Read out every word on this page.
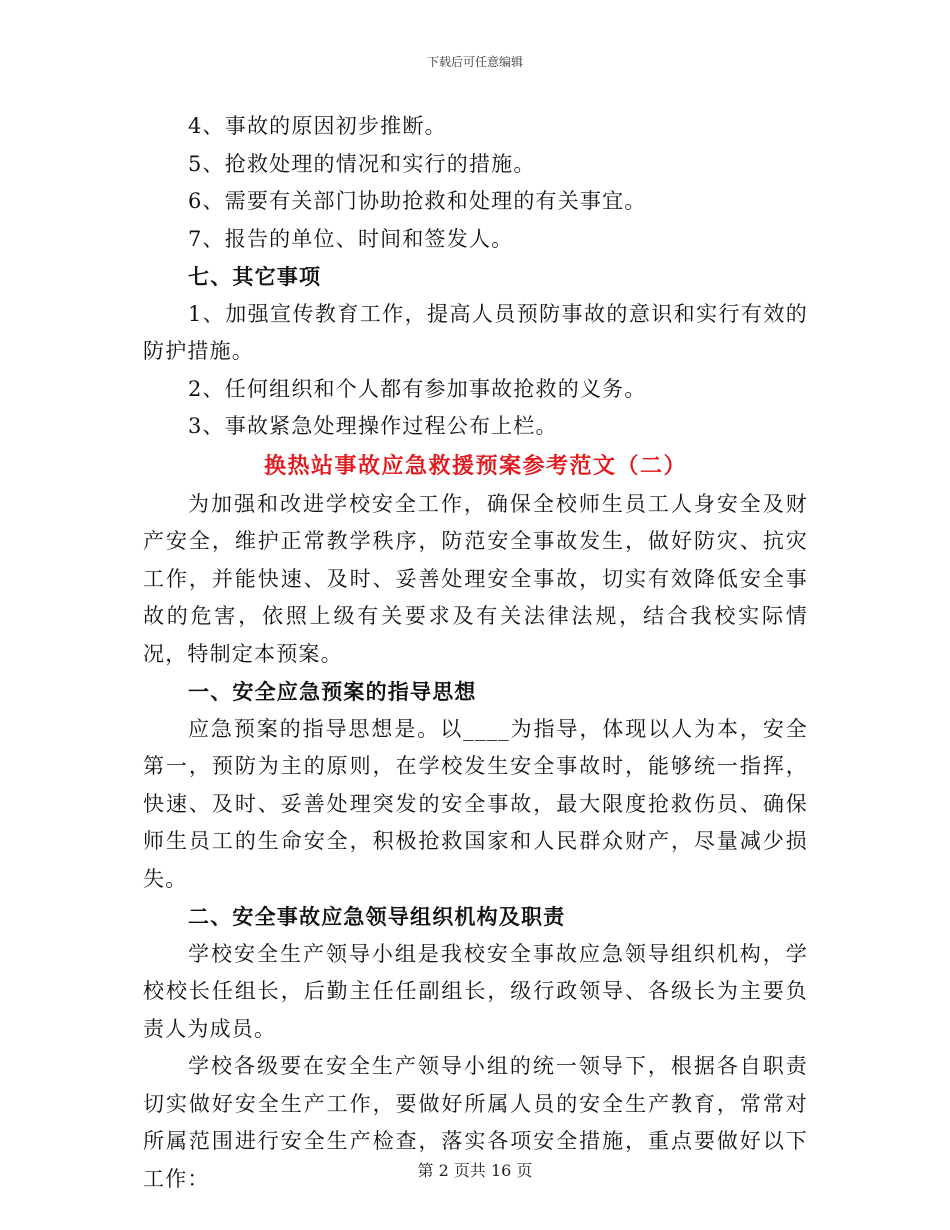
下载后可任意编辑

4、事故的原因初步推断。

5、抢救处理的情况和实行的措施。

6、需要有关部门协助抢救和处理的有关事宜。

7、报告的单位、时间和签发人。

七、其它事项

1、加强宣传教育工作，提高人员预防事故的意识和实行有效的防护措施。

2、任何组织和个人都有参加事故抢救的义务。

3、事故紧急处理操作过程公布上栏。

换热站事故应急救援预案参考范文（二）

为加强和改进学校安全工作，确保全校师生员工人身安全及财产安全，维护正常教学秩序，防范安全事故发生，做好防灾、抗灾工作，并能快速、及时、妥善处理安全事故，切实有效降低安全事故的危害，依照上级有关要求及有关法律法规，结合我校实际情况，特制定本预案。

一、安全应急预案的指导思想

应急预案的指导思想是。以____为指导，体现以人为本，安全第一，预防为主的原则，在学校发生安全事故时，能够统一指挥，快速、及时、妥善处理突发的安全事故，最大限度抢救伤员、确保师生员工的生命安全，积极抢救国家和人民群众财产，尽量减少损失。

二、安全事故应急领导组织机构及职责

学校安全生产领导小组是我校安全事故应急领导组织机构，学校校长任组长，后勤主任任副组长，级行政领导、各级长为主要负责人为成员。

学校各级要在安全生产领导小组的统一领导下，根据各自职责切实做好安全生产工作，要做好所属人员的安全生产教育，常常对所属范围进行安全生产检查，落实各项安全措施，重点要做好以下工作：	第 2 页共 16 页
